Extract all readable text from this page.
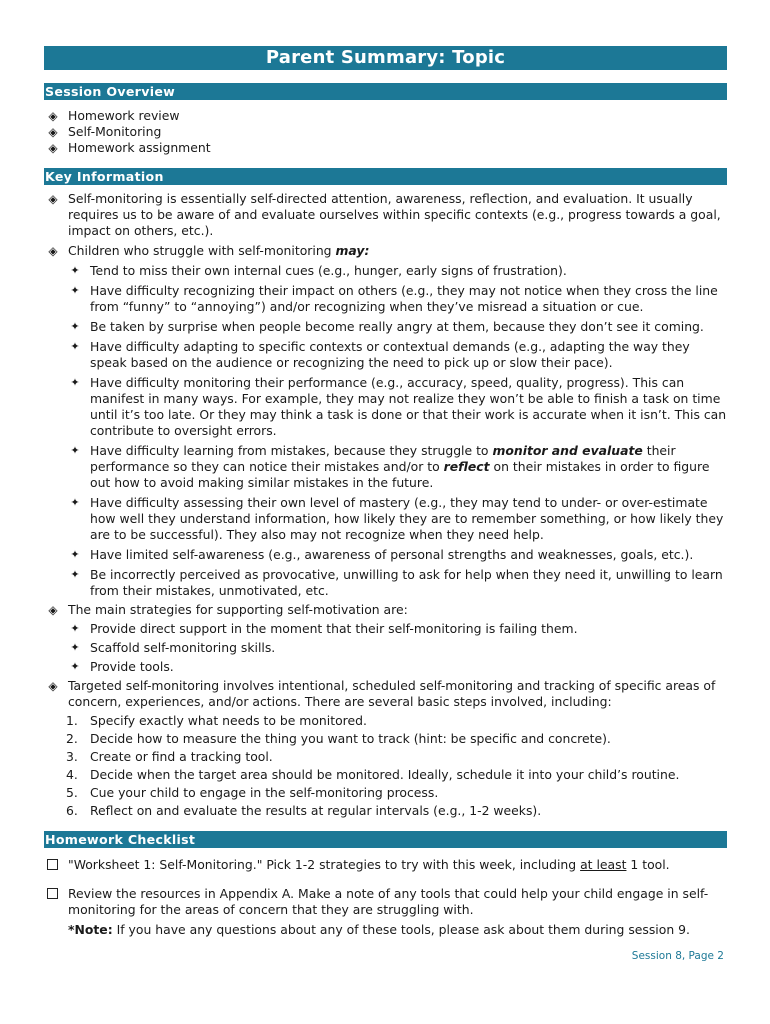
Parent Summary: Topic
Session Overview
◈ Homework review
◈ Self-Monitoring
◈ Homework assignment
Key Information
◈ Self-monitoring is essentially self-directed attention, awareness, reflection, and evaluation. It usually requires us to be aware of and evaluate ourselves within specific contexts (e.g., progress towards a goal, impact on others, etc.).
◈ Children who struggle with self-monitoring may:
✦ Tend to miss their own internal cues (e.g., hunger, early signs of frustration).
✦ Have difficulty recognizing their impact on others (e.g., they may not notice when they cross the line from “funny” to “annoying”) and/or recognizing when they’ve misread a situation or cue.
✦ Be taken by surprise when people become really angry at them, because they don’t see it coming.
✦ Have difficulty adapting to specific contexts or contextual demands (e.g., adapting the way they speak based on the audience or recognizing the need to pick up or slow their pace).
✦ Have difficulty monitoring their performance (e.g., accuracy, speed, quality, progress). This can manifest in many ways. For example, they may not realize they won’t be able to finish a task on time until it’s too late. Or they may think a task is done or that their work is accurate when it isn’t. This can contribute to oversight errors.
✦ Have difficulty learning from mistakes, because they struggle to monitor and evaluate their performance so they can notice their mistakes and/or to reflect on their mistakes in order to figure out how to avoid making similar mistakes in the future.
✦ Have difficulty assessing their own level of mastery (e.g., they may tend to under- or over-estimate how well they understand information, how likely they are to remember something, or how likely they are to be successful). They also may not recognize when they need help.
✦ Have limited self-awareness (e.g., awareness of personal strengths and weaknesses, goals, etc.).
✦ Be incorrectly perceived as provocative, unwilling to ask for help when they need it, unwilling to learn from their mistakes, unmotivated, etc.
◈ The main strategies for supporting self-motivation are:
✦ Provide direct support in the moment that their self-monitoring is failing them.
✦ Scaffold self-monitoring skills.
✦ Provide tools.
◈ Targeted self-monitoring involves intentional, scheduled self-monitoring and tracking of specific areas of concern, experiences, and/or actions. There are several basic steps involved, including:
1. Specify exactly what needs to be monitored.
2. Decide how to measure the thing you want to track (hint: be specific and concrete).
3. Create or find a tracking tool.
4. Decide when the target area should be monitored. Ideally, schedule it into your child’s routine.
5. Cue your child to engage in the self-monitoring process.
6. Reflect on and evaluate the results at regular intervals (e.g., 1-2 weeks).
Homework Checklist
"Worksheet 1: Self-Monitoring." Pick 1-2 strategies to try with this week, including at least 1 tool.
Review the resources in Appendix A. Make a note of any tools that could help your child engage in self-monitoring for the areas of concern that they are struggling with.
*Note: If you have any questions about any of these tools, please ask about them during session 9.
Session 8, Page 2
